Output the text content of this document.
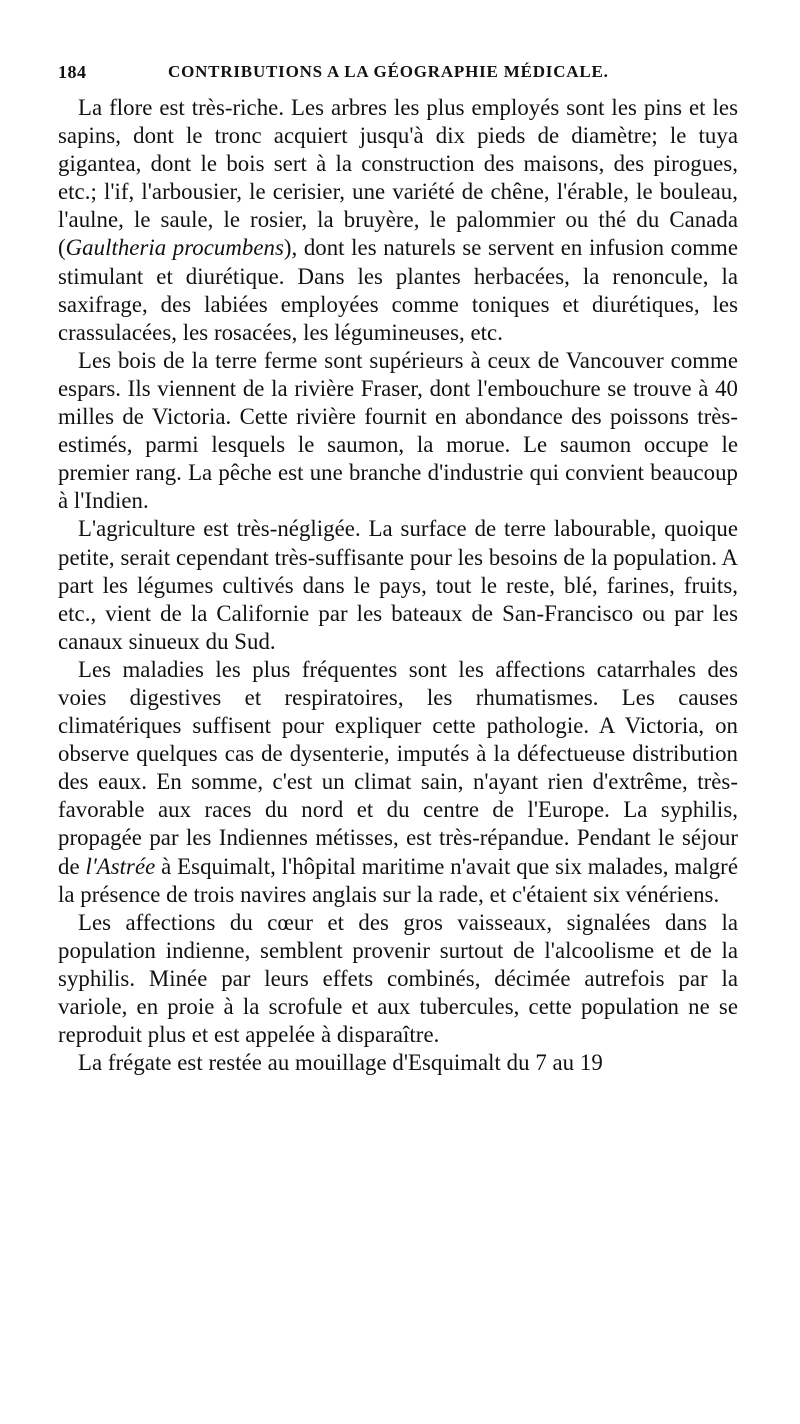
184	CONTRIBUTIONS A LA GÉOGRAPHIE MÉDICALE.

La flore est très-riche. Les arbres les plus employés sont les pins et les sapins, dont le tronc acquiert jusqu'à dix pieds de diamètre; le tuya gigantea, dont le bois sert à la construction des maisons, des pirogues, etc.; l'if, l'arbousier, le cerisier, une variété de chêne, l'érable, le bouleau, l'aulne, le saule, le rosier, la bruyère, le palommier ou thé du Canada (Gaultheria procumbens), dont les naturels se servent en infusion comme stimulant et diurétique. Dans les plantes herbacées, la renoncule, la saxifrage, des labiées employées comme toniques et diurétiques, les crassulacées, les rosacées, les légumineuses, etc.

Les bois de la terre ferme sont supérieurs à ceux de Vancouver comme espars. Ils viennent de la rivière Fraser, dont l'embouchure se trouve à 40 milles de Victoria. Cette rivière fournit en abondance des poissons très-estimés, parmi lesquels le saumon, la morue. Le saumon occupe le premier rang. La pêche est une branche d'industrie qui convient beaucoup à l'Indien.

L'agriculture est très-négligée. La surface de terre labourable, quoique petite, serait cependant très-suffisante pour les besoins de la population. A part les légumes cultivés dans le pays, tout le reste, blé, farines, fruits, etc., vient de la Californie par les bateaux de San-Francisco ou par les canaux sinueux du Sud.

Les maladies les plus fréquentes sont les affections catarrhales des voies digestives et respiratoires, les rhumatismes. Les causes climatériques suffisent pour expliquer cette pathologie. A Victoria, on observe quelques cas de dysenterie, imputés à la défectueuse distribution des eaux. En somme, c'est un climat sain, n'ayant rien d'extrême, très-favorable aux races du nord et du centre de l'Europe. La syphilis, propagée par les Indiennes métisses, est très-répandue. Pendant le séjour de l'Astrée à Esquimalt, l'hôpital maritime n'avait que six malades, malgré la présence de trois navires anglais sur la rade, et c'étaient six vénériens.

Les affections du cœur et des gros vaisseaux, signalées dans la population indienne, semblent provenir surtout de l'alcoolisme et de la syphilis. Minée par leurs effets combinés, décimée autrefois par la variole, en proie à la scrofule et aux tubercules, cette population ne se reproduit plus et est appelée à disparaître.

La frégate est restée au mouillage d'Esquimalt du 7 au 19
